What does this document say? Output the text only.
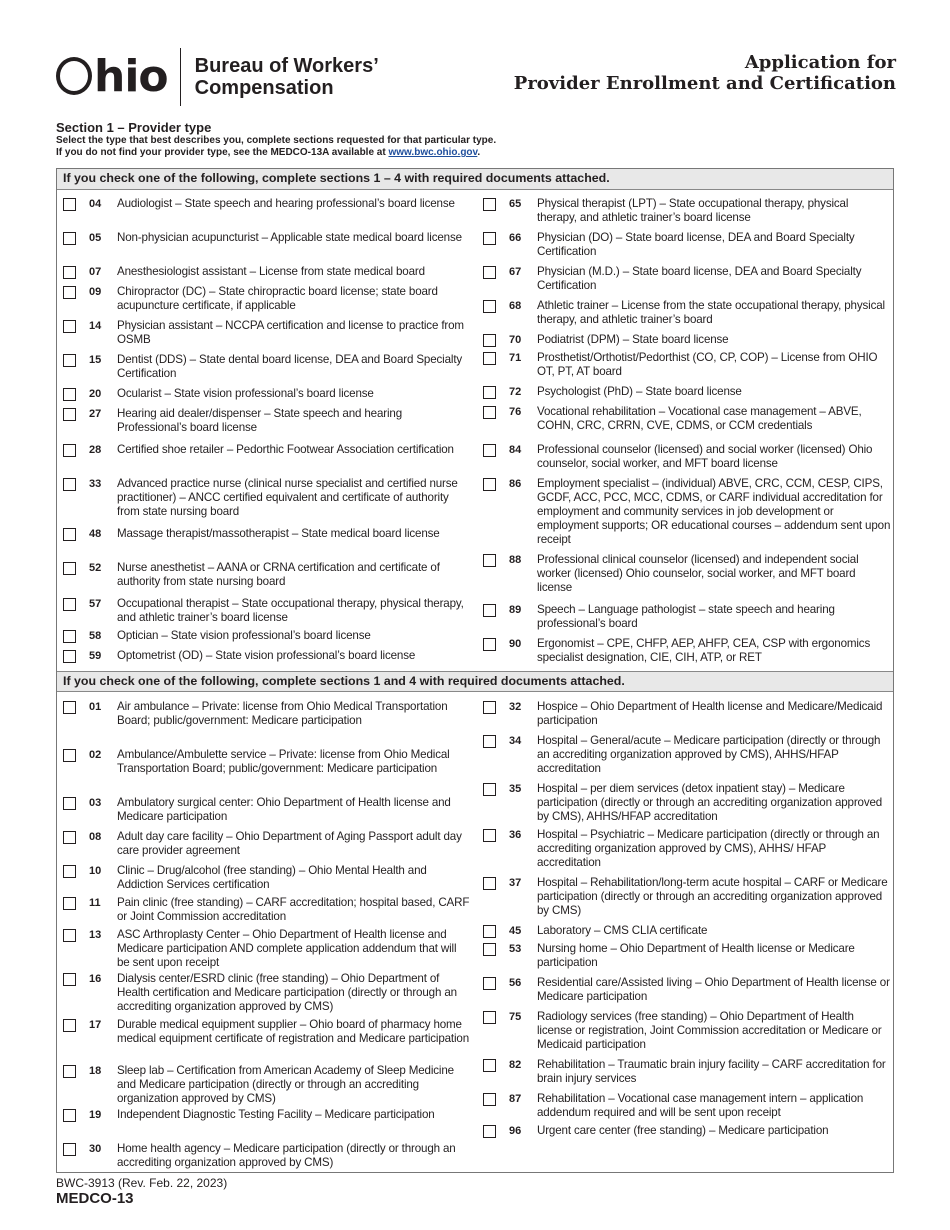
hio Bureau of Workers’
Compensation
Application for
Provider Enrollment and Certification
Section 1 – Provider type
Select the type that best describes you, complete sections requested for that particular type.
If you do not find your provider type, see the MEDCO-13A available at www.bwc.ohio.gov.
If you check one of the following, complete sections 1 – 4 with required documents attached.
04 Audiologist – State speech and hearing professional’s board license
05 Non-physician acupuncturist – Applicable state medical board license
07 Anesthesiologist assistant – License from state medical board
09 Chiropractor (DC) – State chiropractic board license; state board acupuncture certificate, if applicable
14 Physician assistant – NCCPA certification and license to practice from OSMB
15 Dentist (DDS) – State dental board license, DEA and Board Specialty Certification
20 Ocularist – State vision professional’s board license
27 Hearing aid dealer/dispenser – State speech and hearing Professional’s board license
28 Certified shoe retailer – Pedorthic Footwear Association certification
33 Advanced practice nurse (clinical nurse specialist and certified nurse practitioner) – ANCC certified equivalent and certificate of authority from state nursing board
48 Massage therapist/massotherapist – State medical board license
52 Nurse anesthetist – AANA or CRNA certification and certificate of authority from state nursing board
57 Occupational therapist – State occupational therapy, physical therapy, and athletic trainer’s board license
58 Optician – State vision professional’s board license
59 Optometrist (OD) – State vision professional’s board license
65 Physical therapist (LPT) – State occupational therapy, physical therapy, and athletic trainer’s board license
66 Physician (DO) – State board license, DEA and Board Specialty Certification
67 Physician (M.D.) – State board license, DEA and Board Specialty Certification
68 Athletic trainer – License from the state occupational therapy, physical therapy, and athletic trainer’s board
70 Podiatrist (DPM) – State board license
71 Prosthetist/Orthotist/Pedorthist (CO, CP, COP) – License from OHIO OT, PT, AT board
72 Psychologist (PhD) – State board license
76 Vocational rehabilitation – Vocational case management – ABVE, COHN, CRC, CRRN, CVE, CDMS, or CCM credentials
84 Professional counselor (licensed) and social worker (licensed) Ohio counselor, social worker, and MFT board license
86 Employment specialist – (individual) ABVE, CRC, CCM, CESP, CIPS, GCDF, ACC, PCC, MCC, CDMS, or CARF individual accreditation for employment and community services in job development or employment supports; OR educational courses – addendum sent upon receipt
88 Professional clinical counselor (licensed) and independent social worker (licensed) Ohio counselor, social worker, and MFT board license
89 Speech – Language pathologist – state speech and hearing professional’s board
90 Ergonomist – CPE, CHFP, AEP, AHFP, CEA, CSP with ergonomics specialist designation, CIE, CIH, ATP, or RET
If you check one of the following, complete sections 1 and 4 with required documents attached.
01 Air ambulance – Private: license from Ohio Medical Transportation Board; public/government: Medicare participation
02 Ambulance/Ambulette service – Private: license from Ohio Medical Transportation Board; public/government: Medicare participation
03 Ambulatory surgical center: Ohio Department of Health license and Medicare participation
08 Adult day care facility – Ohio Department of Aging Passport adult day care provider agreement
10 Clinic – Drug/alcohol (free standing) – Ohio Mental Health and Addiction Services certification
11 Pain clinic (free standing) – CARF accreditation; hospital based, CARF or Joint Commission accreditation
13 ASC Arthroplasty Center – Ohio Department of Health license and Medicare participation AND complete application addendum that will be sent upon receipt
16 Dialysis center/ESRD clinic (free standing) – Ohio Department of Health certification and Medicare participation (directly or through an accrediting organization approved by CMS)
17 Durable medical equipment supplier – Ohio board of pharmacy home medical equipment certificate of registration and Medicare participation
18 Sleep lab – Certification from American Academy of Sleep Medicine and Medicare participation (directly or through an accrediting organization approved by CMS)
19 Independent Diagnostic Testing Facility – Medicare participation
30 Home health agency – Medicare participation (directly or through an accrediting organization approved by CMS)
32 Hospice – Ohio Department of Health license and Medicare/Medicaid participation
34 Hospital – General/acute – Medicare participation (directly or through an accrediting organization approved by CMS), AHHS/HFAP accreditation
35 Hospital – per diem services (detox inpatient stay) – Medicare participation (directly or through an accrediting organization approved by CMS), AHHS/HFAP accreditation
36 Hospital – Psychiatric – Medicare participation (directly or through an accrediting organization approved by CMS), AHHS/ HFAP accreditation
37 Hospital – Rehabilitation/long-term acute hospital – CARF or Medicare participation (directly or through an accrediting organization approved by CMS)
45 Laboratory – CMS CLIA certificate
53 Nursing home – Ohio Department of Health license or Medicare participation
56 Residential care/Assisted living – Ohio Department of Health license or Medicare participation
75 Radiology services (free standing) – Ohio Department of Health license or registration, Joint Commission accreditation or Medicare or Medicaid participation
82 Rehabilitation – Traumatic brain injury facility – CARF accreditation for brain injury services
87 Rehabilitation – Vocational case management intern – application addendum required and will be sent upon receipt
96 Urgent care center (free standing) – Medicare participation
BWC-3913 (Rev. Feb. 22, 2023)
MEDCO-13
